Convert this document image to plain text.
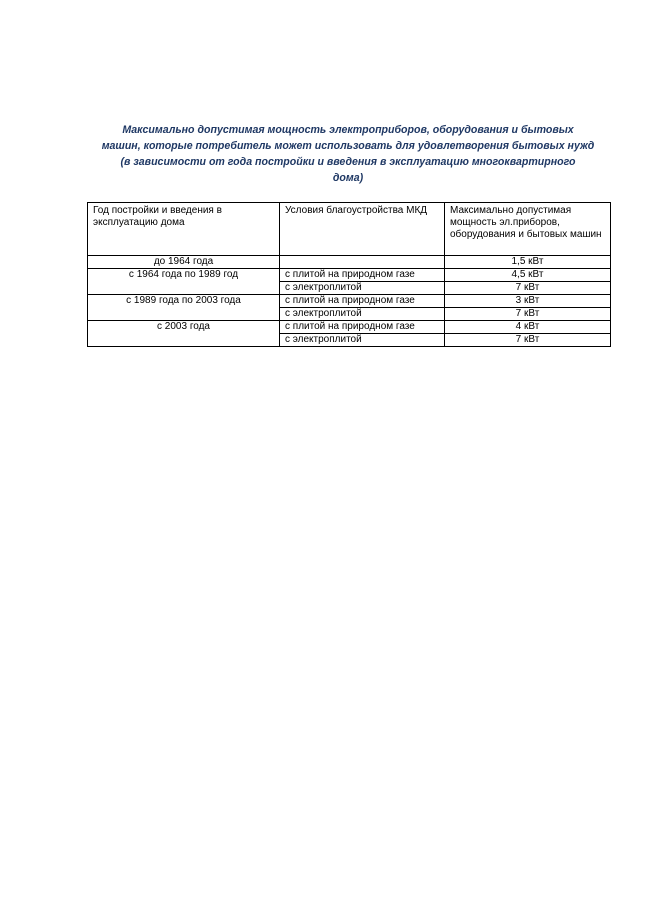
Максимально допустимая мощность электроприборов, оборудования и бытовых
машин, которые потребитель может использовать для удовлетворения бытовых нужд
(в зависимости от года постройки и введения в эксплуатацию многоквартирного
дома)
Год постройки и введения в эксплуатацию дома	Условия благоустройства МКД	Максимально допустимая мощность эл.приборов, оборудования и бытовых машин
до 1964 года		1,5 кВт
с 1964 года по 1989 год	с плитой на природном газе	4,5 кВт
	с электроплитой	7 кВт
с 1989 года по 2003 года	с плитой на природном газе	3 кВт
	с электроплитой	7 кВт
с 2003 года	с плитой на природном газе	4 кВт
	с электроплитой	7 кВт
